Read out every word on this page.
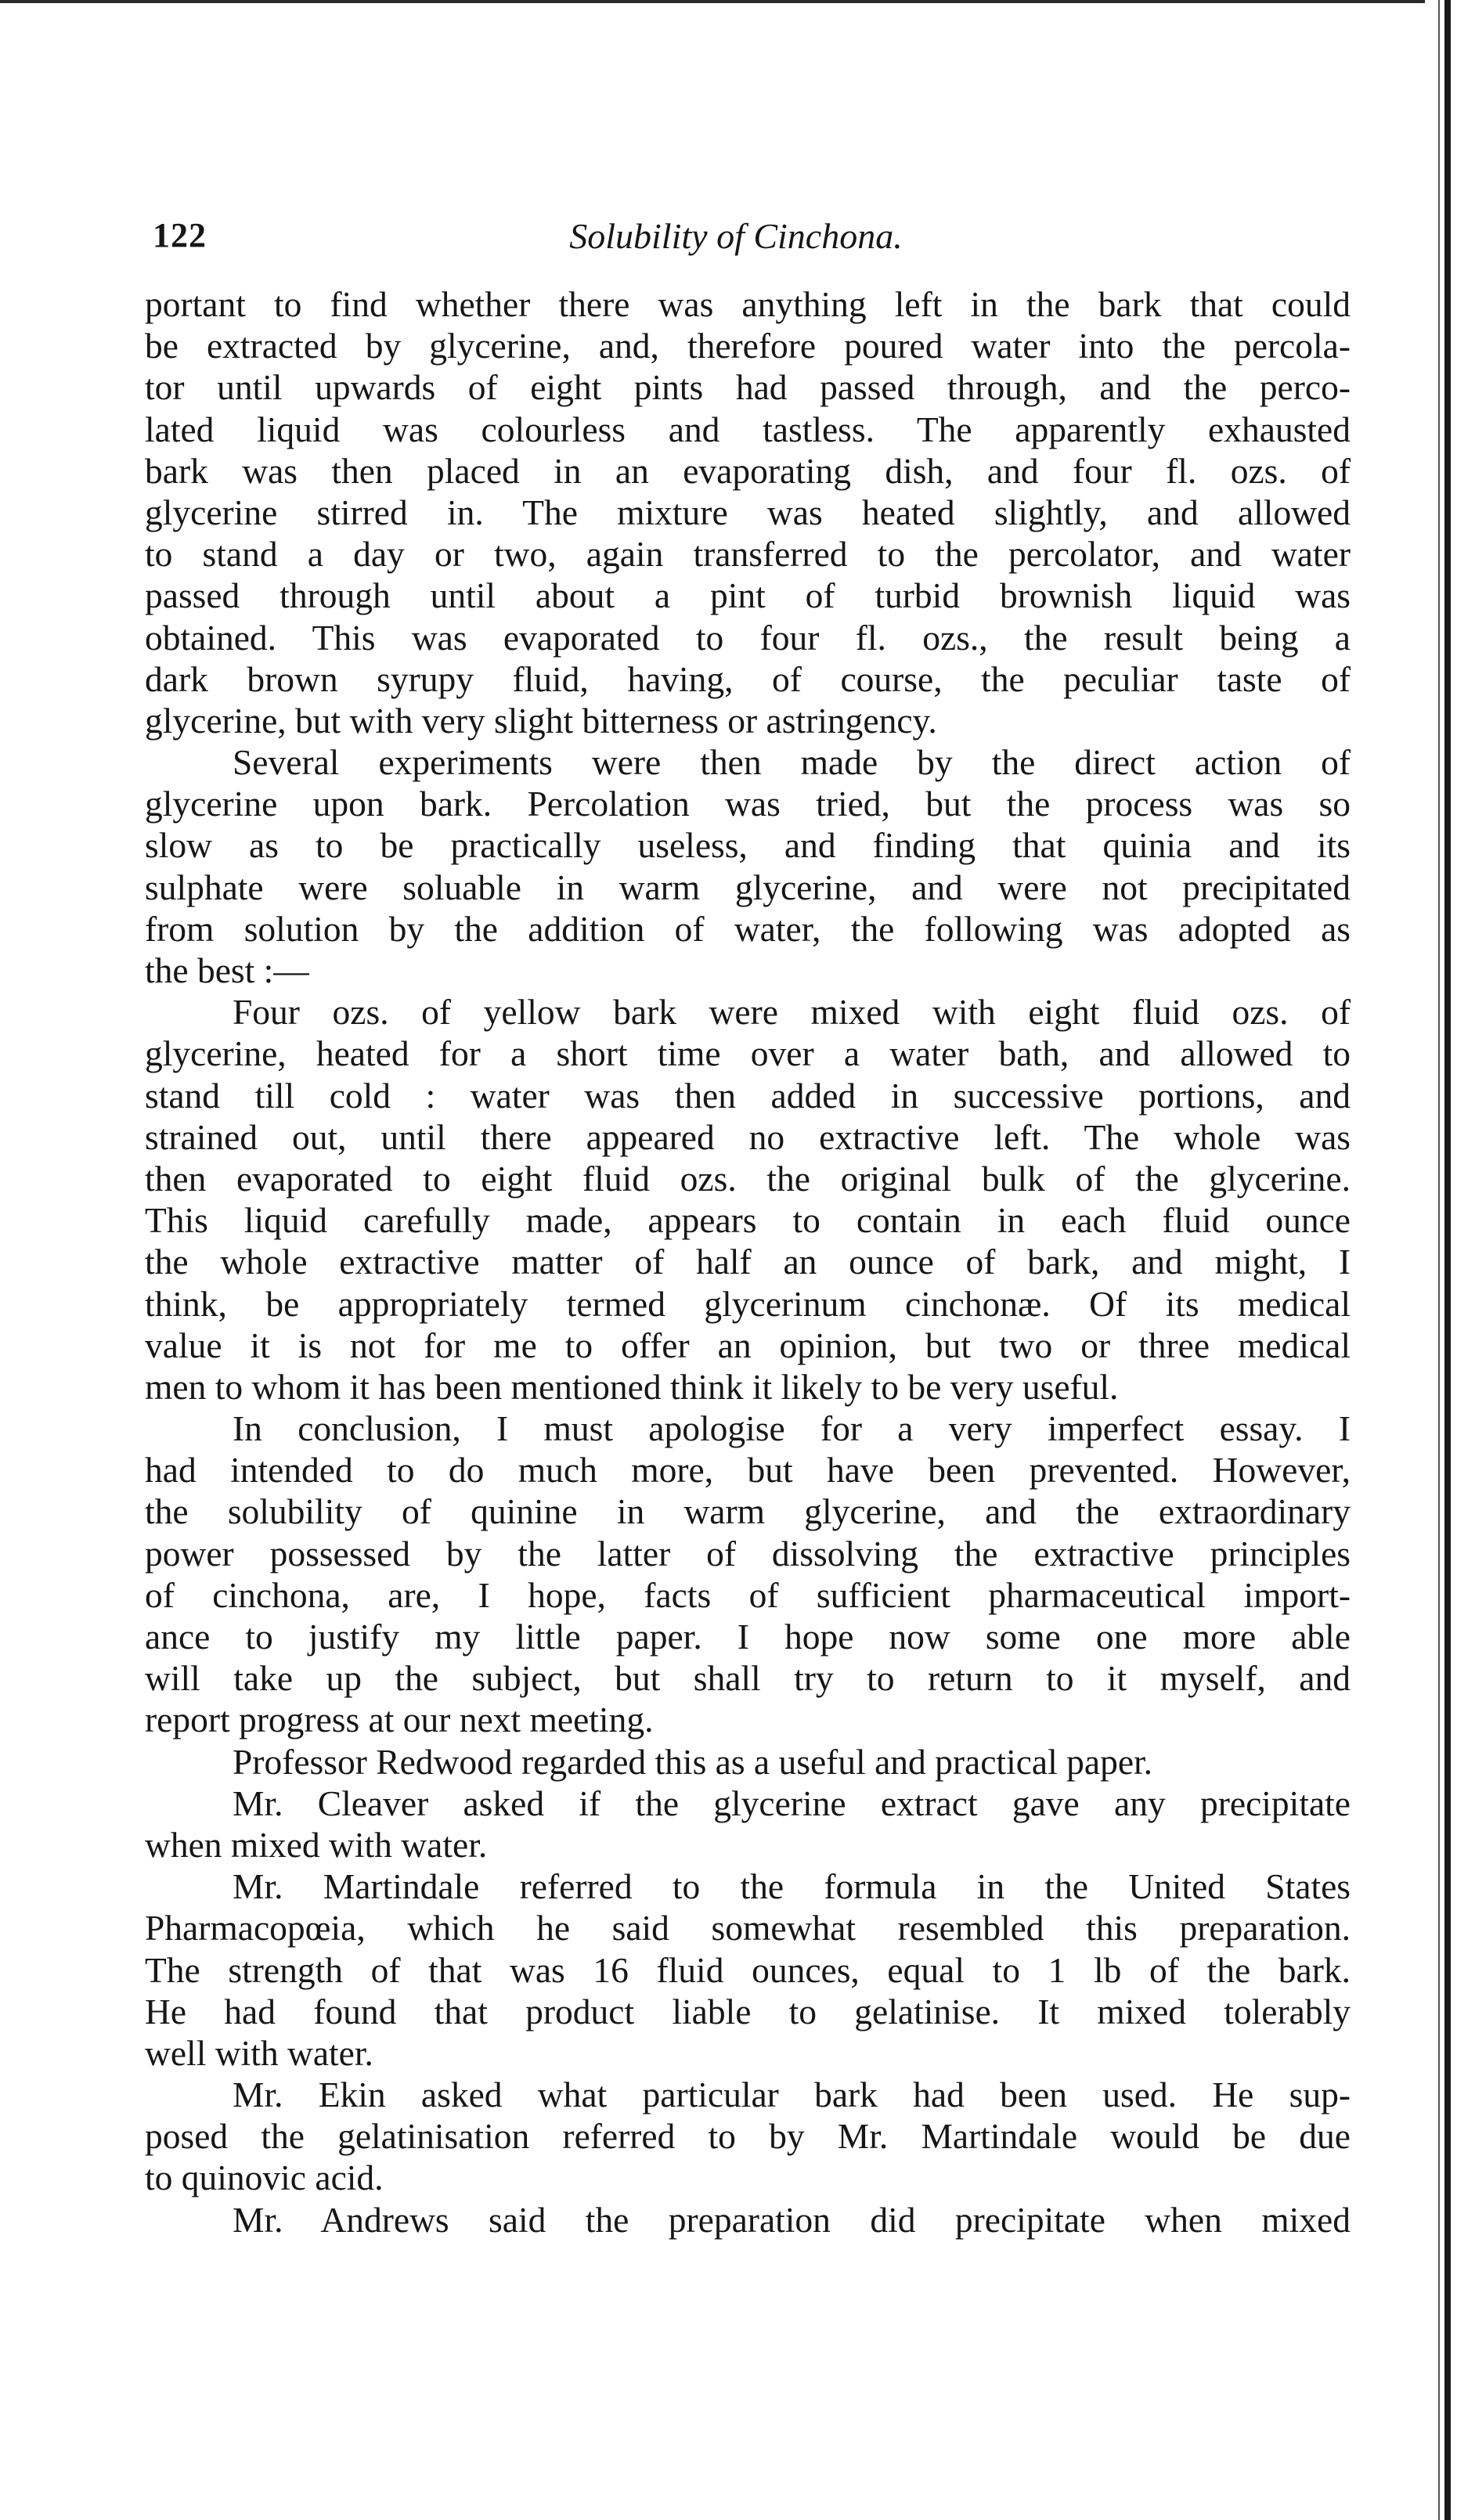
122	Solubility of Cinchona.
portant to find whether there was anything left in the bark that could
be extracted by glycerine, and, therefore poured water into the percola-
tor until upwards of eight pints had passed through, and the perco-
lated liquid was colourless and tastless. The apparently exhausted
bark was then placed in an evaporating dish, and four fl. ozs. of
glycerine stirred in. The mixture was heated slightly, and allowed
to stand a day or two, again transferred to the percolator, and water
passed through until about a pint of turbid brownish liquid was
obtained. This was evaporated to four fl. ozs., the result being a
dark brown syrupy fluid, having, of course, the peculiar taste of
glycerine, but with very slight bitterness or astringency.
Several experiments were then made by the direct action of
glycerine upon bark. Percolation was tried, but the process was so
slow as to be practically useless, and finding that quinia and its
sulphate were soluable in warm glycerine, and were not precipitated
from solution by the addition of water, the following was adopted as
the best :—
Four ozs. of yellow bark were mixed with eight fluid ozs. of
glycerine, heated for a short time over a water bath, and allowed to
stand till cold : water was then added in successive portions, and
strained out, until there appeared no extractive left. The whole was
then evaporated to eight fluid ozs. the original bulk of the glycerine.
This liquid carefully made, appears to contain in each fluid ounce
the whole extractive matter of half an ounce of bark, and might, I
think, be appropriately termed glycerinum cinchonæ. Of its medical
value it is not for me to offer an opinion, but two or three medical
men to whom it has been mentioned think it likely to be very useful.
In conclusion, I must apologise for a very imperfect essay. I
had intended to do much more, but have been prevented. However,
the solubility of quinine in warm glycerine, and the extraordinary
power possessed by the latter of dissolving the extractive principles
of cinchona, are, I hope, facts of sufficient pharmaceutical import-
ance to justify my little paper. I hope now some one more able
will take up the subject, but shall try to return to it myself, and
report progress at our next meeting.
Professor Redwood regarded this as a useful and practical paper.
Mr. Cleaver asked if the glycerine extract gave any precipitate
when mixed with water.
Mr. Martindale referred to the formula in the United States
Pharmacopœia, which he said somewhat resembled this preparation.
The strength of that was 16 fluid ounces, equal to 1 lb of the bark.
He had found that product liable to gelatinise. It mixed tolerably
well with water.
Mr. Ekin asked what particular bark had been used. He sup-
posed the gelatinisation referred to by Mr. Martindale would be due
to quinovic acid.
Mr. Andrews said the preparation did precipitate when mixed
